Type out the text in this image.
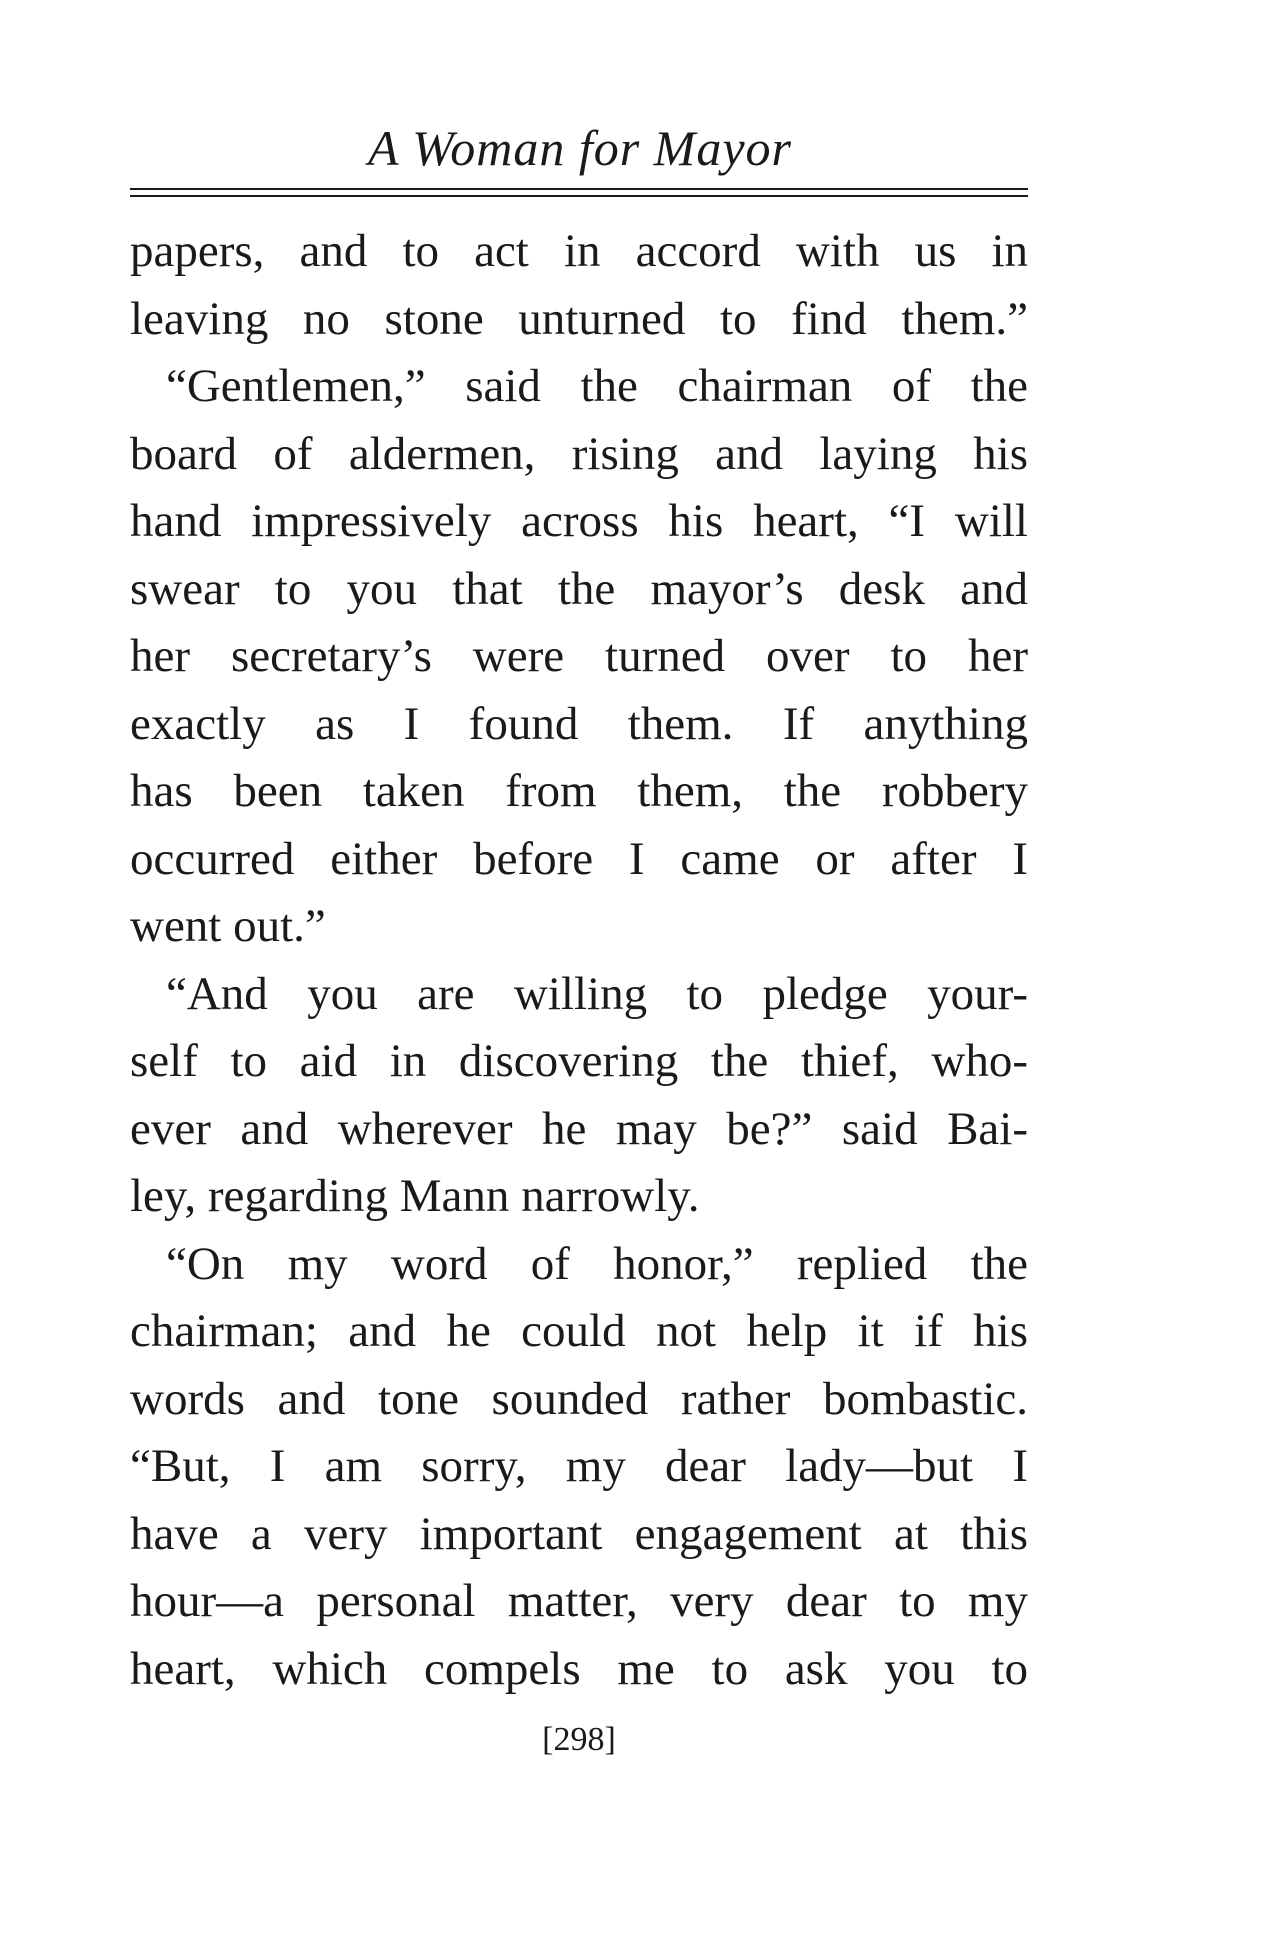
A Woman for Mayor
papers, and to act in accord with us in
leaving no stone unturned to find them.”
“Gentlemen,” said the chairman of the
board of aldermen, rising and laying his
hand impressively across his heart, “I will
swear to you that the mayor’s desk and
her secretary’s were turned over to her
exactly as I found them. If anything
has been taken from them, the robbery
occurred either before I came or after I
went out.”
“And you are willing to pledge your-
self to aid in discovering the thief, who-
ever and wherever he may be?” said Bai-
ley, regarding Mann narrowly.
“On my word of honor,” replied the
chairman; and he could not help it if his
words and tone sounded rather bombastic.
“But, I am sorry, my dear lady—but I
have a very important engagement at this
hour—a personal matter, very dear to my
heart, which compels me to ask you to
[298]
